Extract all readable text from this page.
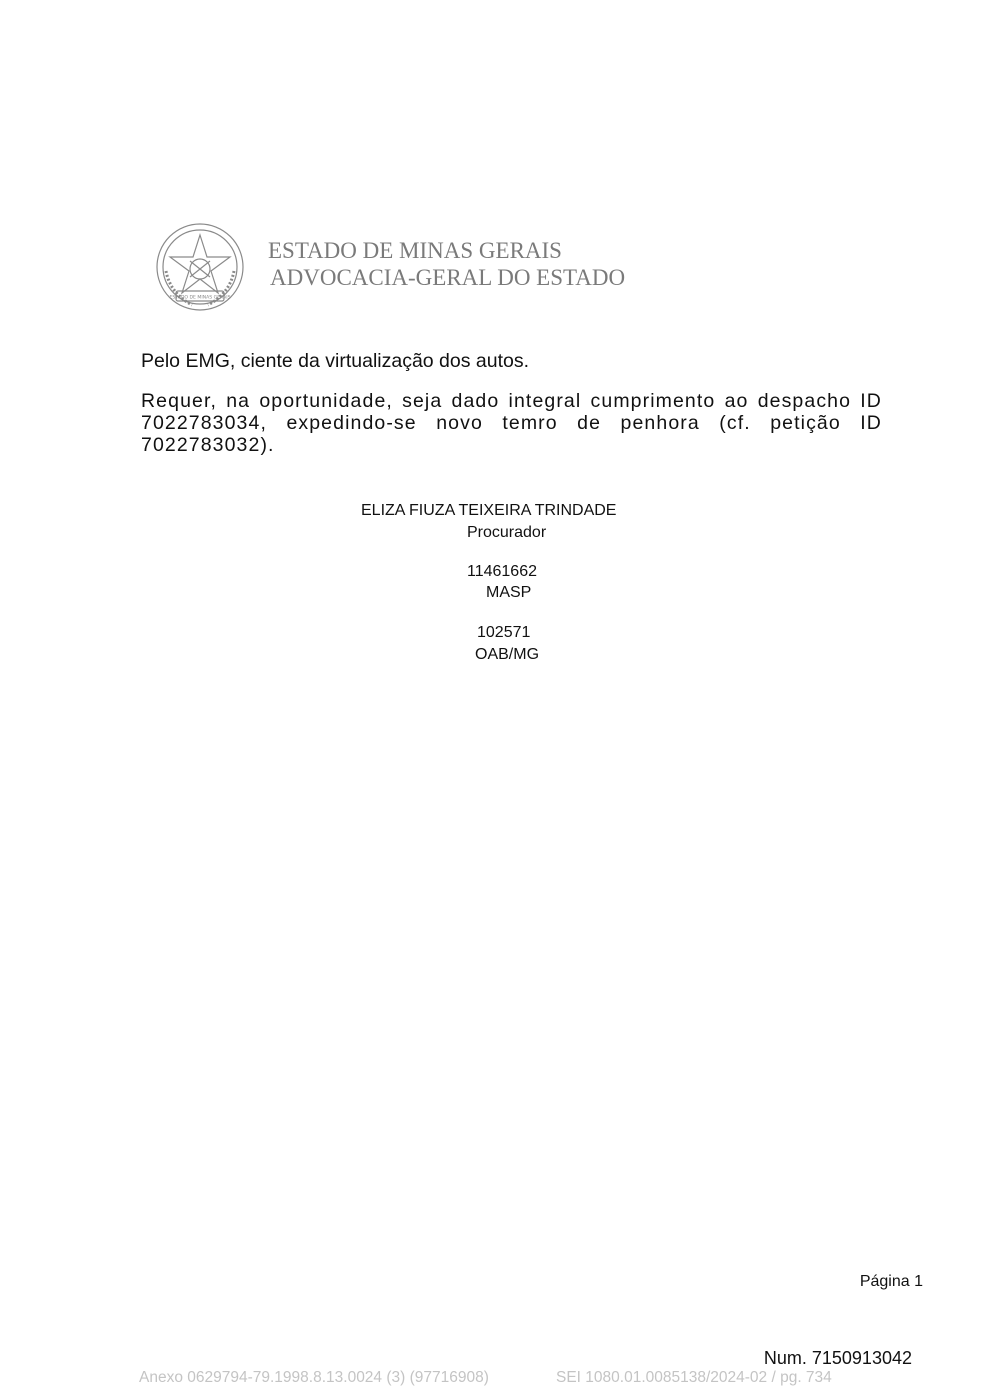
ESTADO DE MINAS GERAIS
ESTADO DE MINAS GERAIS
ADVOCACIA-GERAL DO ESTADO

Pelo EMG, ciente da virtualização dos autos.

Requer, na oportunidade, seja dado integral cumprimento ao despacho ID 7022783034, expedindo-se novo temro de penhora (cf. petição ID 7022783032).

ELIZA FIUZA TEIXEIRA TRINDADE
Procurador
11461662
MASP
102571
OAB/MG
Página 1
Num. 7150913042
Anexo 0629794-79.1998.8.13.0024 (3) (97716908)	SEI 1080.01.0085138/2024-02 / pg. 734
